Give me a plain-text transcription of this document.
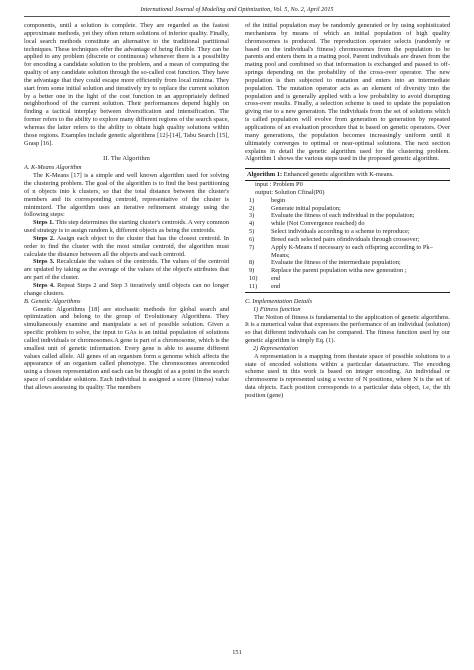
International Journal of Modeling and Optimization, Vol. 5, No. 2, April 2015

components, until a solution is complete. They are regarded as the fastest approximate methods, yet they often return solutions of inferior quality. Finally, local search methods constitute an alternative to the traditional partitional techniques. These techniques offer the advantage of being flexible. They can be applied to any problem (discrete or continuous) whenever there is a possibility for encoding a candidate solution to the problem, and a mean of computing the quality of any candidate solution through the so-called cost function. They have the advantage that they could escape more efficiently from local minima. They start from some initial solution and iteratively try to replace the current solution by a better one in the light of the cost function in an appropriately defined neighborhood of the current solution. Their performances depend highly on finding a tactical interplay between diversification and intensification. The former refers to the ability to explore many different regions of the search space, whereas the latter refers to the ability to obtain high quality solutions within those regions. Examples include genetic algorithms [12]-[14], Tabu Search [15], Grasp [16].

II. The Algorithm

A. K-Means Algorithm

The K-Means [17] is a simple and well known algorithm used for solving the clustering problem. The goal of the algorithm is to find the best partitioning of n objects into k clusters, so that the total distance between the cluster's members and its corresponding centroid, representative of the cluster is minimized. The algorithm uses an iterative refinement strategy using the following steps:

Steps 1. This step determines the starting cluster's centroids. A very common used strategy is to assign random k, different objects as being the centroids.

Steps 2. Assign each object to the cluster that has the closest centroid. In order to find the cluster with the most similar centroid, the algorithm must calculate the distance between all the objects and each centroid.

Steps 3. Recalculate the values of the centroids. The values of the centroid are updated by taking as the average of the values of the object's attributes that are part of the cluster.

Steps 4. Repeat Steps 2 and Step 3 iteratively until objects can no longer change clusters.

B. Genetic Algorithms

Genetic Algorithms [18] are stochastic methods for global search and optimization and belong to the group of Evolutionary Algorithms. They simultaneously examine and manipulate a set of possible solution. Given a specific problem to solve, the input to GAs is an initial population of solutions called individuals or chromosomes.A gene is part of a chromosome, which is the smallest unit of genetic information. Every gene is able to assume different values called allele. All genes of an organism form a genome which affects the appearance of an organism called phenotype. The chromosomes areencoded using a chosen representation and each can be thought of as a point in the search space of candidate solutions. Each individual is assigned a score (fitness) value that allows assessing its quality. The members

of the initial population may be randomly generated or by using sophisticated mechanisms by means of which an initial population of high quality chromosomes is produced. The reproduction operator selects (randomly or based on the individual's fitness) chromosomes from the population to be parents and enters them in a mating pool. Parent individuals are drawn from the mating pool and combined so that information is exchanged and passed to off-springs depending on the probability of the cross-over operator. The new population is then subjected to mutation and enters into an intermediate population. The mutation operator acts as an element of diversity into the population and is generally applied with a low probability to avoid disrupting cross-over results. Finally, a selection scheme is used to update the population giving rise to a new generation. The individuals from the set of solutions which is called population will evolve from generation to generation by repeated applications of an evaluation procedure that is based on genetic operators. Over many generations, the population becomes increasingly uniform until it ultimately converges to optimal or near-optimal solutions. The next section explains in detail the genetic algorithm used for the clustering problem. Algorithm 1 shows the various steps used in the proposed genetic algorithm.

Algorithm 1: Enhanced genetic algorithm with K-means.

input : Problem P0

output: Solution Cfinal(P0)

1)	begin
2)	Generate initial population;
3)	Evaluate the fitness of each individual in the population;
4)	while (Not Convergence reached) do
5)	Select individuals according to a scheme to reproduce;
6)	Breed each selected pairs ofindividuals through crossover;
7)	Apply K-Means if necessary to each offspring according to Pk–Means;
8)	Evaluate the fitness of the intermediate population;
9)	Replace the parent population witha new generation ;
10)	end
11)	end

C. Implementation Details

1) Fitness function

The Notion of fitness is fundamental to the application of genetic algorithms. It is a numerical value that expresses the performance of an individual (solution) so that different individuals can be compared. The fitness function used by our genetic algorithm is simply Eq. (1).

2) Representation

A representation is a mapping from thestate space of possible solutions to a state of encoded solutions within a particular datastructure. The encoding scheme used in this work is based on integer encoding. An individual or chromosome is represented using a vector of N positions, where N is the set of data objects. Each position corresponds to a particular data object, i.e, the ith position (gene)

151
